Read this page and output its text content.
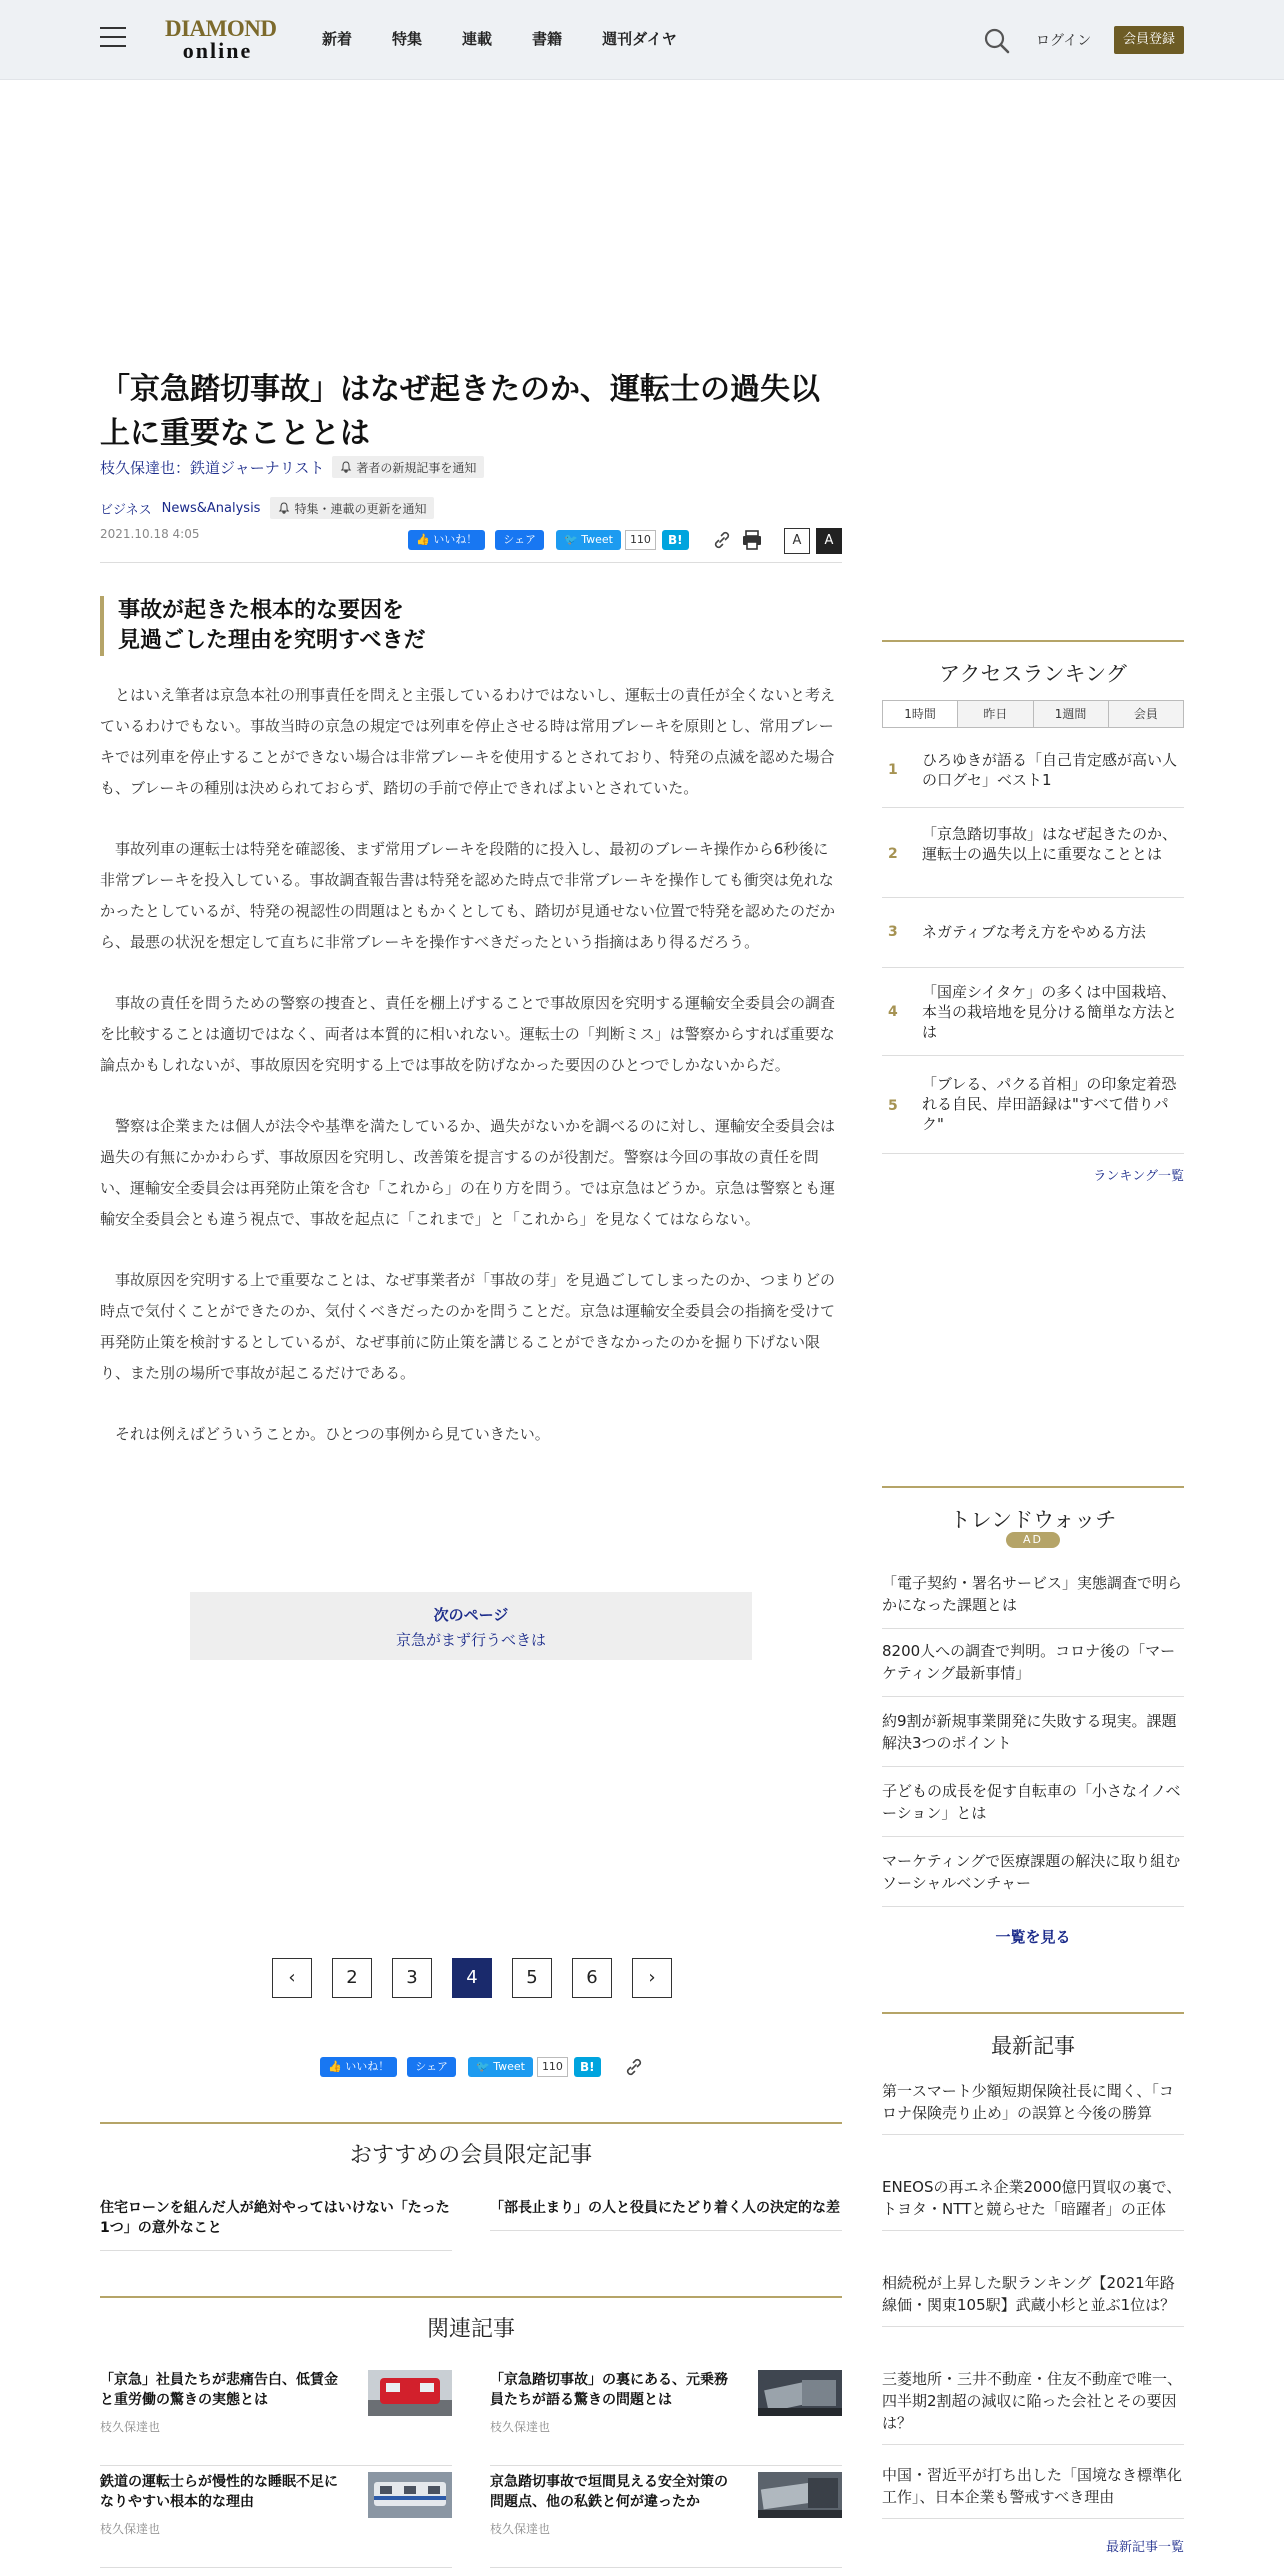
DIAMOND
online	新着	特集	連載	書籍	週刊ダイヤ	ログイン	会員登録
「京急踏切事故」はなぜ起きたのか、運転士の過失以上に重要なこととは
枝久保達也：鉄道ジャーナリスト	著者の新規記事を通知
ビジネス News&Analysis	特集・連載の更新を通知
2021.10.18 4:05	👍 いいね！	シェア	🐦 Tweet	110	B!	A	A
事故が起きた根本的な要因を
見過ごした理由を究明すべきだ

とはいえ筆者は京急本社の刑事責任を問えと主張しているわけではないし、運転士の責任が全くないと考えているわけでもない。事故当時の京急の規定では列車を停止させる時は常用ブレーキを原則とし、常用ブレーキでは列車を停止することができない場合は非常ブレーキを使用するとされており、特発の点滅を認めた場合も、ブレーキの種別は決められておらず、踏切の手前で停止できればよいとされていた。

事故列車の運転士は特発を確認後、まず常用ブレーキを段階的に投入し、最初のブレーキ操作から6秒後に非常ブレーキを投入している。事故調査報告書は特発を認めた時点で非常ブレーキを操作しても衝突は免れなかったとしているが、特発の視認性の問題はともかくとしても、踏切が見通せない位置で特発を認めたのだから、最悪の状況を想定して直ちに非常ブレーキを操作すべきだったという指摘はあり得るだろう。

事故の責任を問うための警察の捜査と、責任を棚上げすることで事故原因を究明する運輸安全委員会の調査を比較することは適切ではなく、両者は本質的に相いれない。運転士の「判断ミス」は警察からすれば重要な論点かもしれないが、事故原因を究明する上では事故を防げなかった要因のひとつでしかないからだ。

警察は企業または個人が法令や基準を満たしているか、過失がないかを調べるのに対し、運輸安全委員会は過失の有無にかかわらず、事故原因を究明し、改善策を提言するのが役割だ。警察は今回の事故の責任を問い、運輸安全委員会は再発防止策を含む「これから」の在り方を問う。では京急はどうか。京急は警察とも運輸安全委員会とも違う視点で、事故を起点に「これまで」と「これから」を見なくてはならない。

事故原因を究明する上で重要なことは、なぜ事業者が「事故の芽」を見過ごしてしまったのか、つまりどの時点で気付くことができたのか、気付くべきだったのかを問うことだ。京急は運輸安全委員会の指摘を受けて再発防止策を検討するとしているが、なぜ事前に防止策を講じることができなかったのかを掘り下げない限り、また別の場所で事故が起こるだけである。

それは例えばどういうことか。ひとつの事例から見ていきたい。

次のページ
京急がまず行うべきは
‹	2	3	4	5	6	›
👍 いいね！	シェア	🐦 Tweet	110	B!
おすすめの会員限定記事
住宅ローンを組んだ人が絶対やってはいけない「たった1つ」の意外なこと
「部長止まり」の人と役員にたどり着く人の決定的な差
関連記事
「京急」社員たちが悲痛告白、低賃金と重労働の驚きの実態とは
枝久保達也
「京急踏切事故」の裏にある、元乗務員たちが語る驚きの問題とは
枝久保達也
鉄道の運転士らが慢性的な睡眠不足になりやすい根本的な理由
枝久保達也
京急踏切事故で垣間見える安全対策の問題点、他の私鉄と何が違ったか
枝久保達也
アクセスランキング
1時間	昨日	1週間	会員
1
ひろゆきが語る「自己肯定感が高い人の口グセ」ベスト1
2
「京急踏切事故」はなぜ起きたのか、運転士の過失以上に重要なこととは
3 ネガティブな考え方をやめる方法
4
「国産シイタケ」の多くは中国栽培、本当の栽培地を見分ける簡単な方法とは
5
「ブレる、パクる首相」の印象定着恐れる自民、岸田語録は"すべて借りパク"
ランキング一覧
トレンドウォッチ
AD
「電子契約・署名サービス」実態調査で明らかになった課題とは
8200人への調査で判明。コロナ後の「マーケティング最新事情」
約9割が新規事業開発に失敗する現実。課題解決3つのポイント
子どもの成長を促す自転車の「小さなイノベーション」とは
マーケティングで医療課題の解決に取り組むソーシャルベンチャー
一覧を見る
最新記事
第一スマート少額短期保険社長に聞く、「コロナ保険売り止め」の誤算と今後の勝算
ENEOSの再エネ企業2000億円買収の裏で、トヨタ・NTTと競らせた「暗躍者」の正体
相続税が上昇した駅ランキング【2021年路線価・関東105駅】武蔵小杉と並ぶ1位は？
三菱地所・三井不動産・住友不動産で唯一、四半期2割超の減収に陥った会社とその要因は？
中国・習近平が打ち出した「国境なき標準化工作」、日本企業も警戒すべき理由
最新記事一覧
